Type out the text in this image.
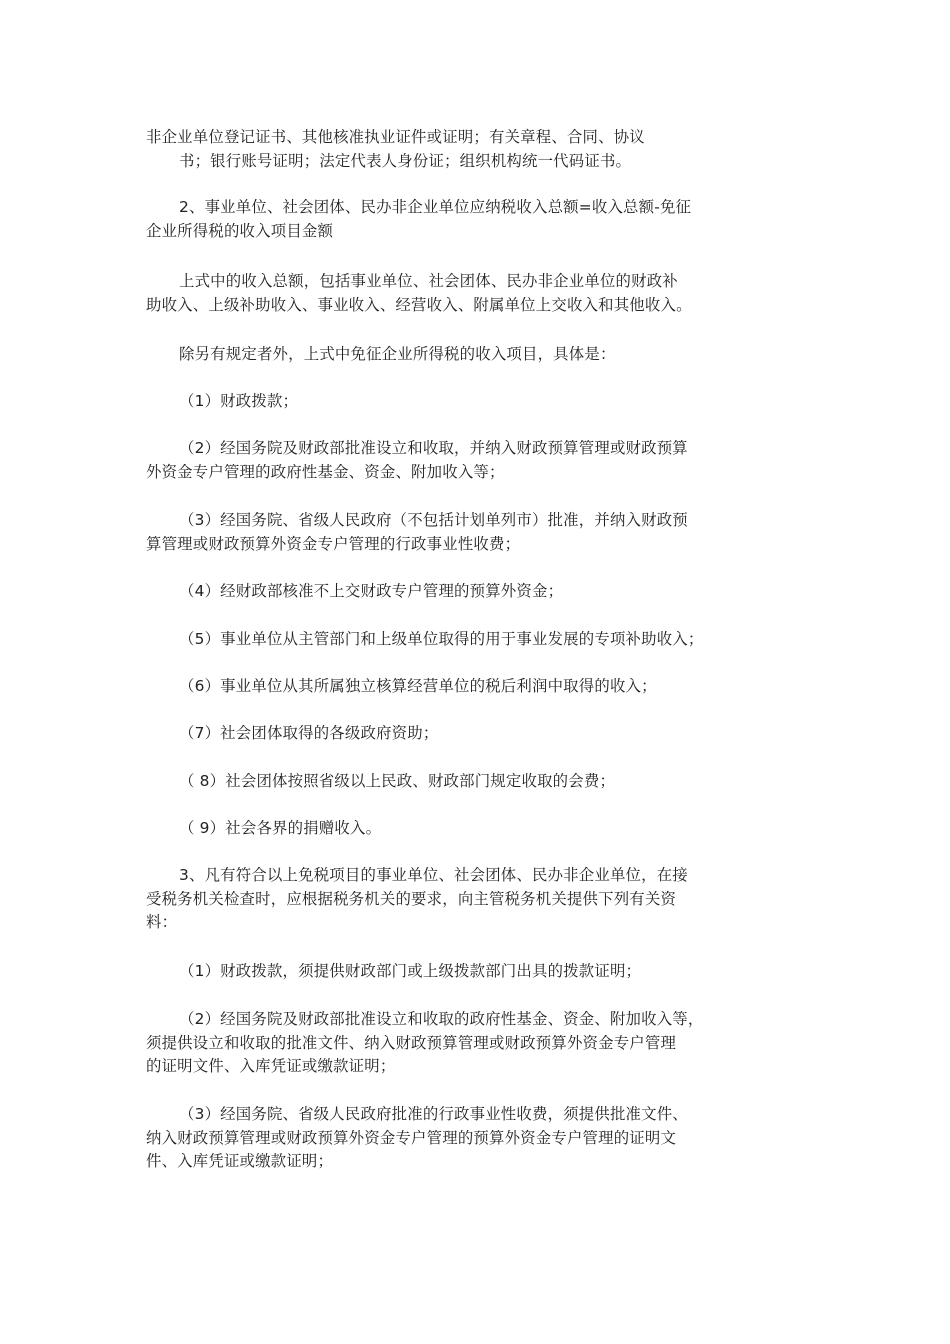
非企业单位登记证书、其他核准执业证件或证明；有关章程、合同、协议
书；银行账号证明；法定代表人身份证；组织机构统一代码证书。

2、事业单位、社会团体、民办非企业单位应纳税收入总额=收入总额-免征
企业所得税的收入项目金额

上式中的收入总额，包括事业单位、社会团体、民办非企业单位的财政补
助收入、上级补助收入、事业收入、经营收入、附属单位上交收入和其他收入。

除另有规定者外，上式中免征企业所得税的收入项目，具体是：

（1）财政拨款；

（2）经国务院及财政部批准设立和收取，并纳入财政预算管理或财政预算
外资金专户管理的政府性基金、资金、附加收入等；

（3）经国务院、省级人民政府（不包括计划单列市）批准，并纳入财政预
算管理或财政预算外资金专户管理的行政事业性收费；

（4）经财政部核准不上交财政专户管理的预算外资金；

（5）事业单位从主管部门和上级单位取得的用于事业发展的专项补助收入；

（6）事业单位从其所属独立核算经营单位的税后利润中取得的收入；

（7）社会团体取得的各级政府资助；

（ 8）社会团体按照省级以上民政、财政部门规定收取的会费；

（ 9）社会各界的捐赠收入。

3、凡有符合以上免税项目的事业单位、社会团体、民办非企业单位，在接
受税务机关检查时，应根据税务机关的要求，向主管税务机关提供下列有关资
料：

（1）财政拨款，须提供财政部门或上级拨款部门出具的拨款证明；

（2）经国务院及财政部批准设立和收取的政府性基金、资金、附加收入等，
须提供设立和收取的批准文件、纳入财政预算管理或财政预算外资金专户管理
的证明文件、入库凭证或缴款证明；

（3）经国务院、省级人民政府批准的行政事业性收费，须提供批准文件、
纳入财政预算管理或财政预算外资金专户管理的预算外资金专户管理的证明文
件、入库凭证或缴款证明；
